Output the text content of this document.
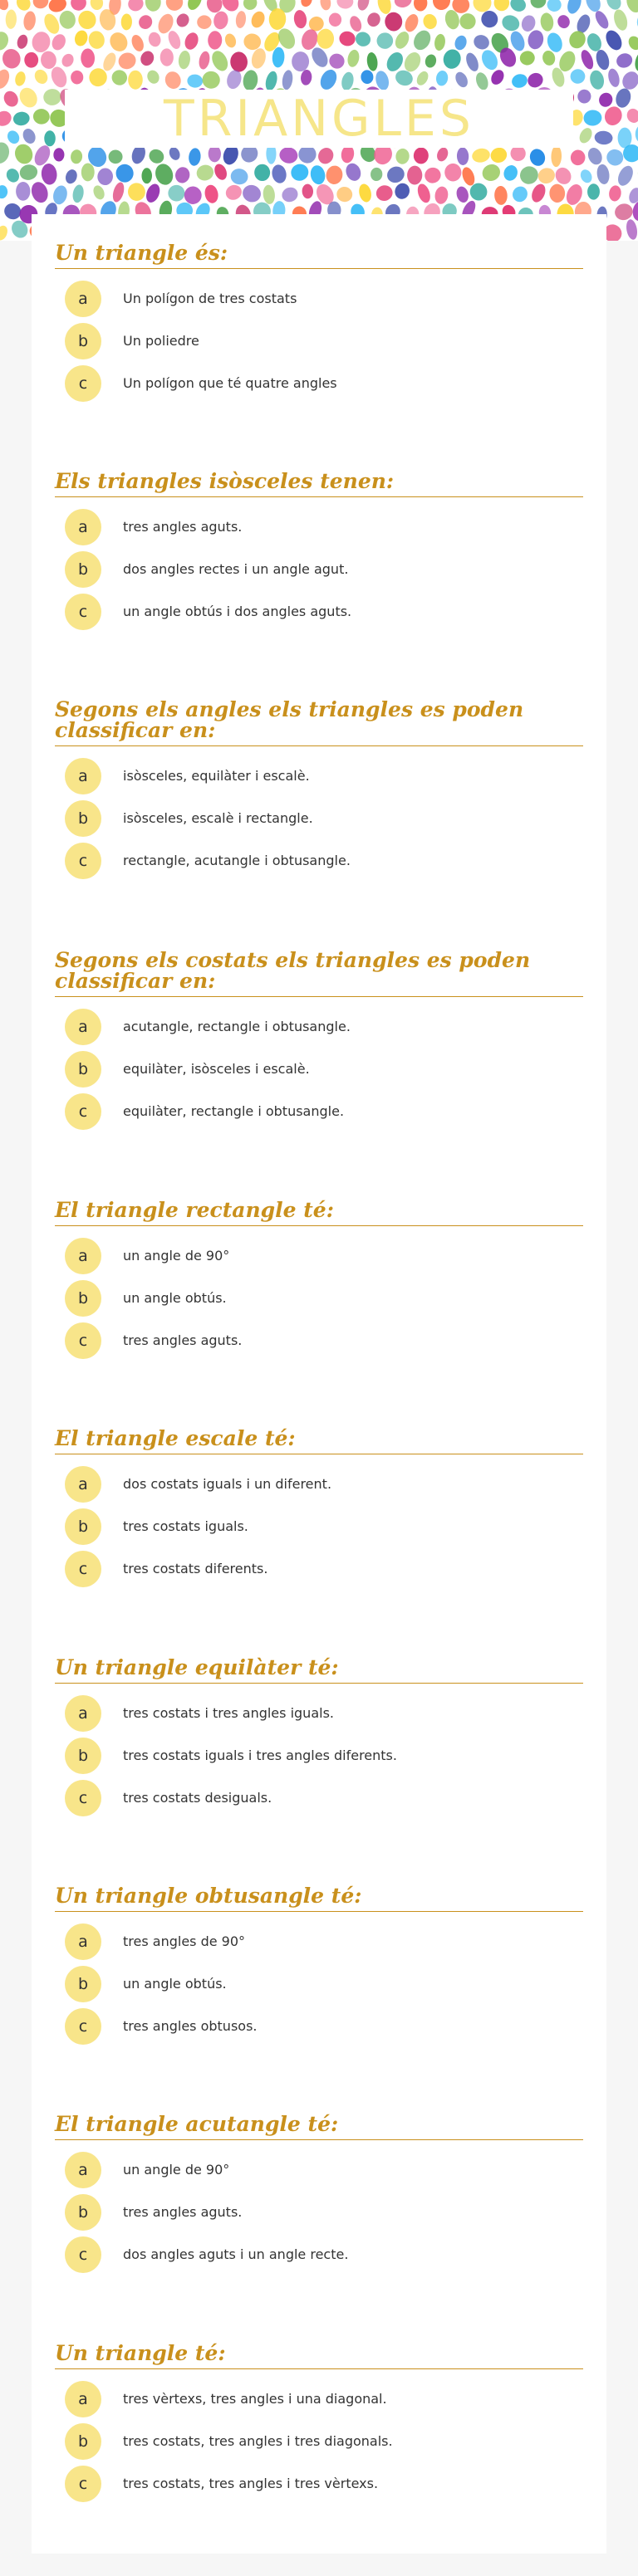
TRIANGLES
Un triangle és:
a	Un polígon de tres costats
b	Un poliedre
c	Un polígon que té quatre angles
Els triangles isòsceles tenen:
a	tres angles aguts.
b	dos angles rectes i un angle agut.
c	un angle obtús i dos angles aguts.
Segons els angles els triangles es poden classificar en:
a	isòsceles, equilàter i escalè.
b	isòsceles, escalè i rectangle.
c	rectangle, acutangle i obtusangle.
Segons els costats els triangles es poden classificar en:
a	acutangle, rectangle i obtusangle.
b	equilàter, isòsceles i escalè.
c	equilàter, rectangle i obtusangle.
El triangle rectangle té:
a	un angle de 90°
b	un angle obtús.
c	tres angles aguts.
El triangle escale té:
a	dos costats iguals i un diferent.
b	tres costats iguals.
c	tres costats diferents.
Un triangle equilàter té:
a	tres costats i tres angles iguals.
b	tres costats iguals i tres angles diferents.
c	tres costats desiguals.
Un triangle obtusangle té:
a	tres angles de 90°
b	un angle obtús.
c	tres angles obtusos.
El triangle acutangle té:
a	un angle de 90°
b	tres angles aguts.
c	dos angles aguts i un angle recte.
Un triangle té:
a	tres vèrtexs, tres angles i una diagonal.
b	tres costats, tres angles i tres diagonals.
c	tres costats, tres angles i tres vèrtexs.
